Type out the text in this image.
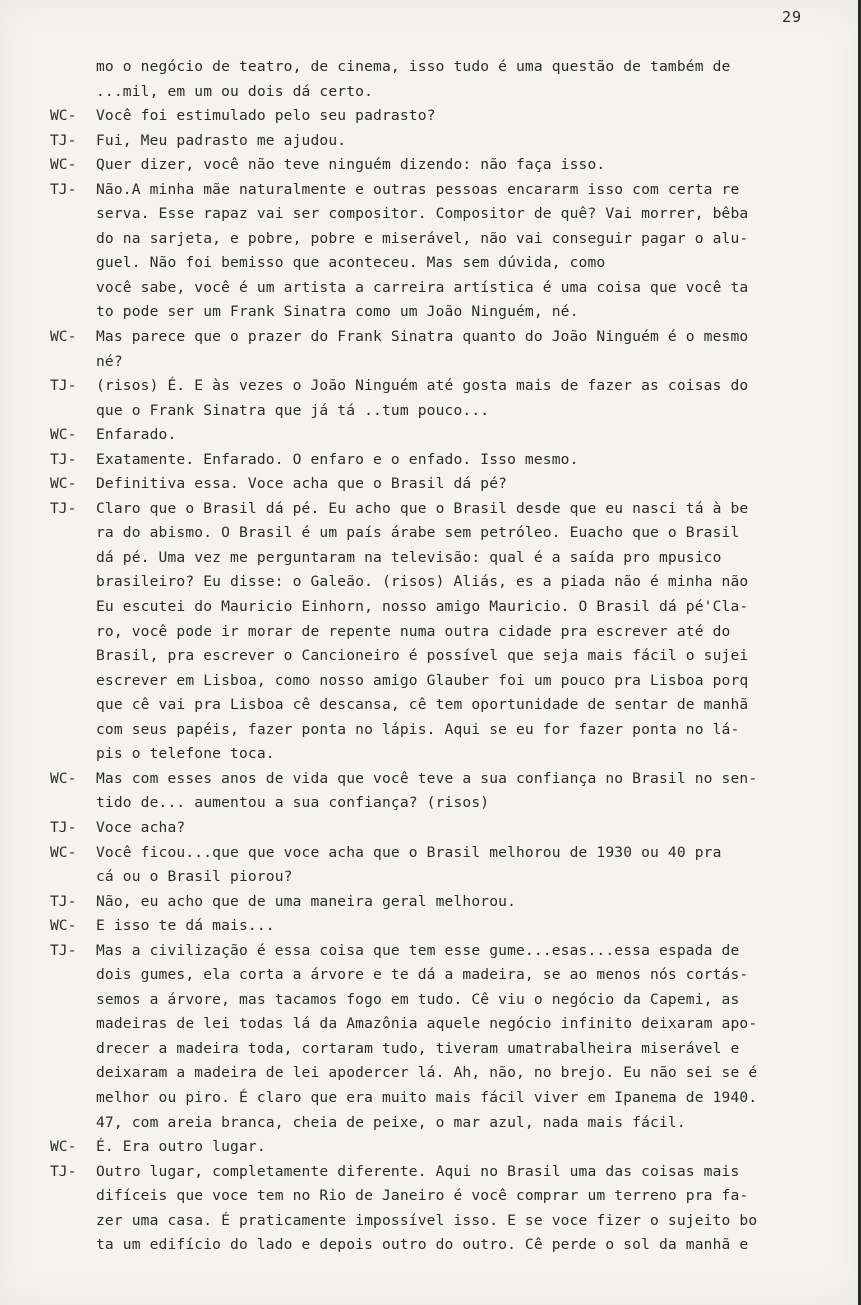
29
mo o negócio de teatro, de cinema, isso tudo é uma questão de também de
...mil, em um ou dois dá certo.
WC-	Você foi estimulado pelo seu padrasto?
TJ-	Fui, Meu padrasto me ajudou.
WC-	Quer dizer, você não teve ninguém dizendo: não faça isso.
TJ-	Não.A minha mãe naturalmente e outras pessoas encararm isso com certa re
serva. Esse rapaz vai ser compositor. Compositor de quê? Vai morrer, bêba
do na sarjeta, e pobre, pobre e miserável, não vai conseguir pagar o alu-
guel. Não foi bemisso que aconteceu. Mas sem dúvida, como
você sabe, você é um artista a carreira artística é uma coisa que você ta
to pode ser um Frank Sinatra como um João Ninguém, né.
WC-	Mas parece que o prazer do Frank Sinatra quanto do João Ninguém é o mesmo
né?
TJ-	(risos) É. E às vezes o João Ninguém até gosta mais de fazer as coisas do
que o Frank Sinatra que já tá ..tum pouco...
WC-	Enfarado.
TJ-	Exatamente. Enfarado. O enfaro e o enfado. Isso mesmo.
WC-	Definitiva essa. Voce acha que o Brasil dá pé?
TJ-	Claro que o Brasil dá pé. Eu acho que o Brasil desde que eu nasci tá à be
ra do abismo. O Brasil é um país árabe sem petróleo. Euacho que o Brasil
dá pé. Uma vez me perguntaram na televisão: qual é a saída pro mpusico
brasileiro? Eu disse: o Galeão. (risos) Aliás, es a piada não é minha não
Eu escutei do Mauricio Einhorn, nosso amigo Mauricio. O Brasil dá pé'Cla-
ro, você pode ir morar de repente numa outra cidade pra escrever até do
Brasil, pra escrever o Cancioneiro é possível que seja mais fácil o sujei
escrever em Lisboa, como nosso amigo Glauber foi um pouco pra Lisboa porq
que cê vai pra Lisboa cê descansa, cê tem oportunidade de sentar de manhã
com seus papéis, fazer ponta no lápis. Aqui se eu for fazer ponta no lá-
pis o telefone toca.
WC-	Mas com esses anos de vida que você teve a sua confiança no Brasil no sen-
tido de... aumentou a sua confiança? (risos)
TJ-	Voce acha?
WC-	Você ficou...que que voce acha que o Brasil melhorou de 1930 ou 40 pra
cá ou o Brasil piorou?
TJ-	Não, eu acho que de uma maneira geral melhorou.
WC-	E isso te dá mais...
TJ-	Mas a civilização é essa coisa que tem esse gume...esas...essa espada de
dois gumes, ela corta a árvore e te dá a madeira, se ao menos nós cortás-
semos a árvore, mas tacamos fogo em tudo. Cê viu o negócio da Capemi, as
madeiras de lei todas lá da Amazônia aquele negócio infinito deixaram apo-
drecer a madeira toda, cortaram tudo, tiveram umatrabalheira miserável e
deixaram a madeira de lei apodercer lá. Ah, não, no brejo. Eu não sei se é
melhor ou piro. É claro que era muito mais fácil viver em Ipanema de 1940.
47, com areia branca, cheia de peixe, o mar azul, nada mais fácil.
WC-	É. Era outro lugar.
TJ-	Outro lugar, completamente diferente. Aqui no Brasil uma das coisas mais
difíceis que voce tem no Rio de Janeiro é você comprar um terreno pra fa-
zer uma casa. É praticamente impossível isso. E se voce fizer o sujeito bo
ta um edifício do lado e depois outro do outro. Cê perde o sol da manhã e
